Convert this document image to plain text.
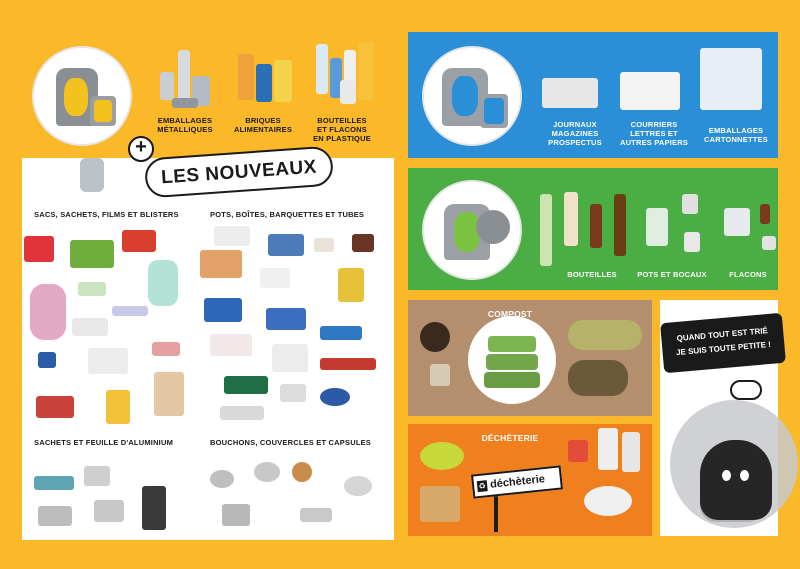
EMBALLAGES
MÉTALLIQUES
BRIQUES
ALIMENTAIRES
BOUTEILLES
ET FLACONS
EN PLASTIQUE
SACS, SACHETS, FILMS ET BLISTERS	POTS, BOÎTES, BARQUETTES ET TUBES
SACHETS ET FEUILLE D'ALUMINIUM	BOUCHONS, COUVERCLES ET CAPSULES
+
LES NOUVEAUX
JOURNAUX
MAGAZINES
PROSPECTUS
COURRIERS
LETTRES ET
AUTRES PAPIERS
EMBALLAGES
CARTONNETTES
BOUTEILLES	POTS ET BOCAUX	FLACONS
COMPOST
DÉCHÈTERIE
♻ déchèterie
QUAND TOUT EST TRIÉ
JE SUIS TOUTE PETITE !
